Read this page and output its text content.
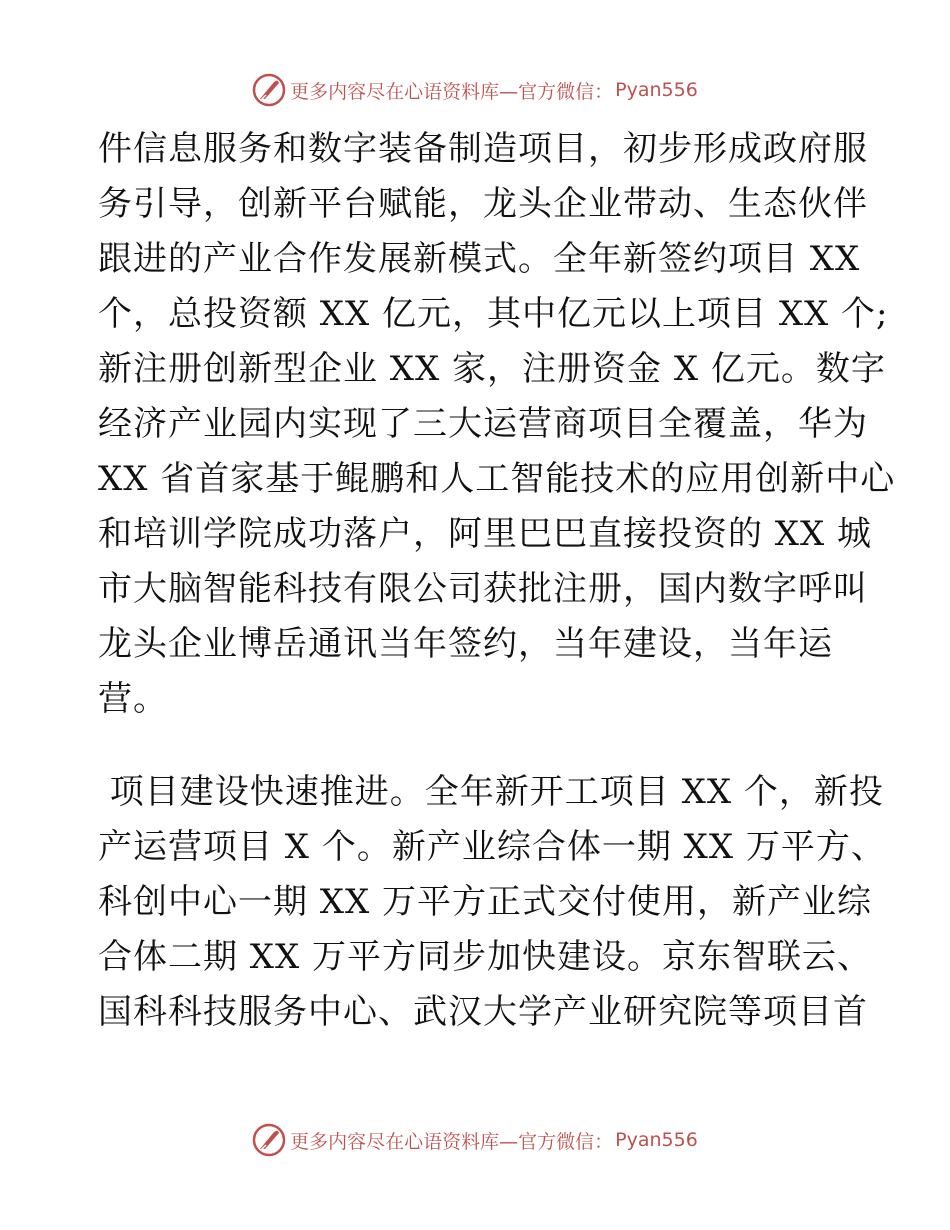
更多内容尽在心语资料库—官方微信： Pyan556
件信息服务和数字装备制造项目，初步形成政府服
务引导，创新平台赋能，龙头企业带动、生态伙伴
跟进的产业合作发展新模式。全年新签约项目 XX
个，总投资额 XX 亿元，其中亿元以上项目 XX 个;
新注册创新型企业 XX 家，注册资金 X 亿元。数字
经济产业园内实现了三大运营商项目全覆盖，华为
XX 省首家基于鲲鹏和人工智能技术的应用创新中心
和培训学院成功落户，阿里巴巴直接投资的 XX 城
市大脑智能科技有限公司获批注册，国内数字呼叫
龙头企业博岳通讯当年签约，当年建设，当年运
营。
项目建设快速推进。全年新开工项目 XX 个，新投
产运营项目 X 个。新产业综合体一期 XX 万平方、
科创中心一期 XX 万平方正式交付使用，新产业综
合体二期 XX 万平方同步加快建设。京东智联云、
国科科技服务中心、武汉大学产业研究院等项目首
更多内容尽在心语资料库—官方微信： Pyan556
